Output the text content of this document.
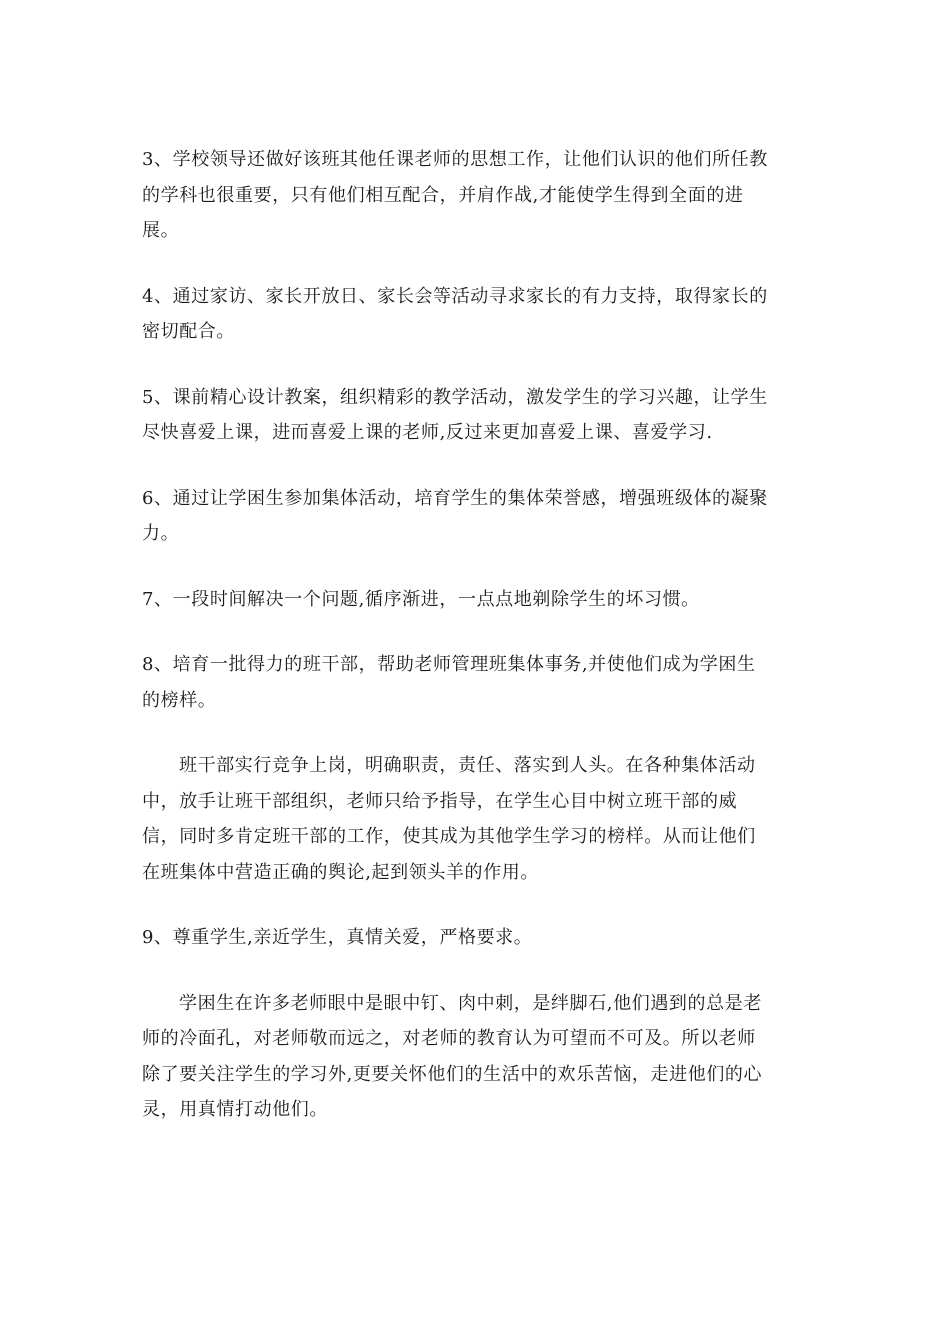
3、学校领导还做好该班其他任课老师的思想工作，让他们认识的他们所任教
的学科也很重要，只有他们相互配合，并肩作战,才能使学生得到全面的进
展。

4、通过家访、家长开放日、家长会等活动寻求家长的有力支持，取得家长的
密切配合。

5、课前精心设计教案，组织精彩的教学活动，激发学生的学习兴趣，让学生
尽快喜爱上课，进而喜爱上课的老师,反过来更加喜爱上课、喜爱学习.

6、通过让学困生参加集体活动，培育学生的集体荣誉感，增强班级体的凝聚
力。

7、一段时间解决一个问题,循序渐进，一点点地剃除学生的坏习惯。

8、培育一批得力的班干部，帮助老师管理班集体事务,并使他们成为学困生
的榜样。

班干部实行竞争上岗，明确职责，责任、落实到人头。在各种集体活动
中，放手让班干部组织，老师只给予指导，在学生心目中树立班干部的威
信，同时多肯定班干部的工作，使其成为其他学生学习的榜样。从而让他们
在班集体中营造正确的舆论,起到领头羊的作用。

9、尊重学生,亲近学生，真情关爱，严格要求。

学困生在许多老师眼中是眼中钉、肉中刺，是绊脚石,他们遇到的总是老
师的冷面孔，对老师敬而远之，对老师的教育认为可望而不可及。所以老师
除了要关注学生的学习外,更要关怀他们的生活中的欢乐苦恼，走进他们的心
灵，用真情打动他们。
